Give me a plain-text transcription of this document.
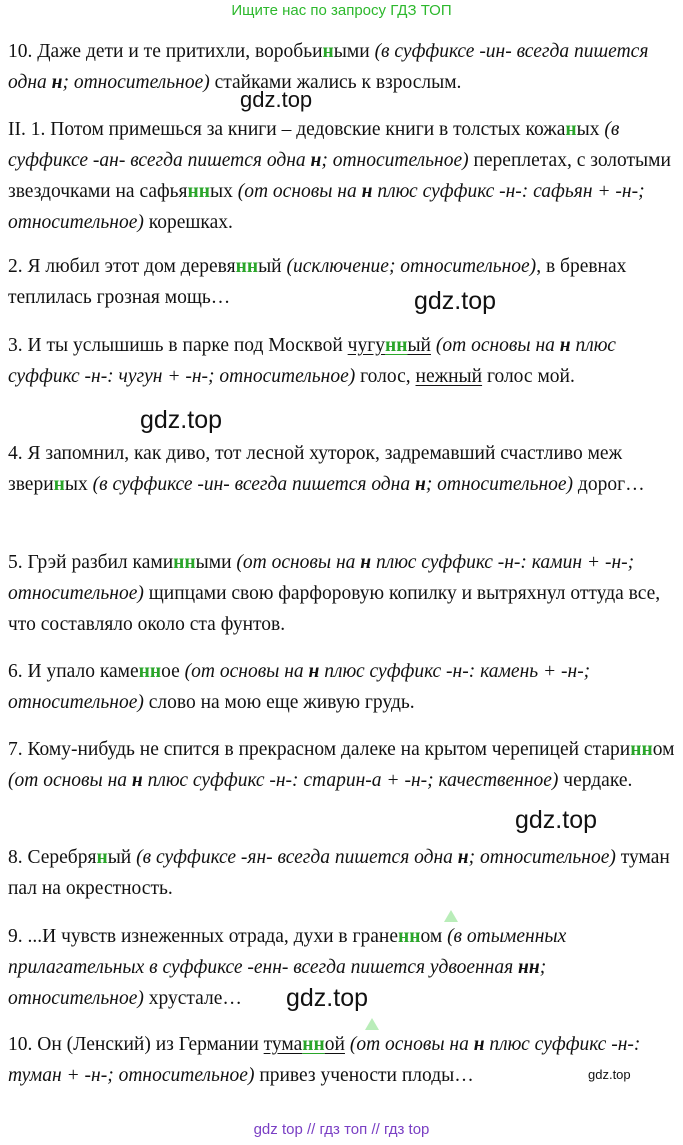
Ищите нас по запросу ГДЗ ТОП

10. Даже дети и те притихли, воробьиными (в суффиксе -ин- всегда пишется одна н; относительное) стайками жались к взрослым.

II. 1. Потом примешься за книги – дедовские книги в толстых кожаных (в суффиксе -ан- всегда пишется одна н; относительное) переплетах, с золотыми звездочками на сафьянных (от основы на н плюс суффикс -н-: сафьян + -н-; относительное) корешках.

2. Я любил этот дом деревянный (исключение; относительное), в бревнах теплилась грозная мощь…

3. И ты услышишь в парке под Москвой чугунный (от основы на н плюс суффикс -н-: чугун + -н-; относительное) голос, нежный голос мой.

4. Я запомнил, как диво, тот лесной хуторок, задремавший счастливо меж звериных (в суффиксе -ин- всегда пишется одна н; относительное) дорог…

5. Грэй разбил каминными (от основы на н плюс суффикс -н-: камин + -н-; относительное) щипцами свою фарфоровую копилку и вытряхнул оттуда все, что составляло около ста фунтов.

6. И упало каменное (от основы на н плюс суффикс -н-: камень + -н-; относительное) слово на мою еще живую грудь.

7. Кому-нибудь не спится в прекрасном далеке на крытом черепицей старинном (от основы на н плюс суффикс -н-: старин-а + -н-; качественное) чердаке.

8. Серебряный (в суффиксе -ян- всегда пишется одна н; относительное) туман пал на окрестность.

9. ...И чувств изнеженных отрада, духи в граненном (в отыменных прилагательных в суффиксе -енн- всегда пишется удвоенная нн; относительное) хрустале…

10. Он (Ленский) из Германии туманной (от основы на н плюс суффикс -н-: туман + -н-; относительное) привез учености плоды…

gdz.top
gdz.top
gdz.top
gdz.top
gdz.top
gdz.top
gdz top // гдз топ // гдз top
